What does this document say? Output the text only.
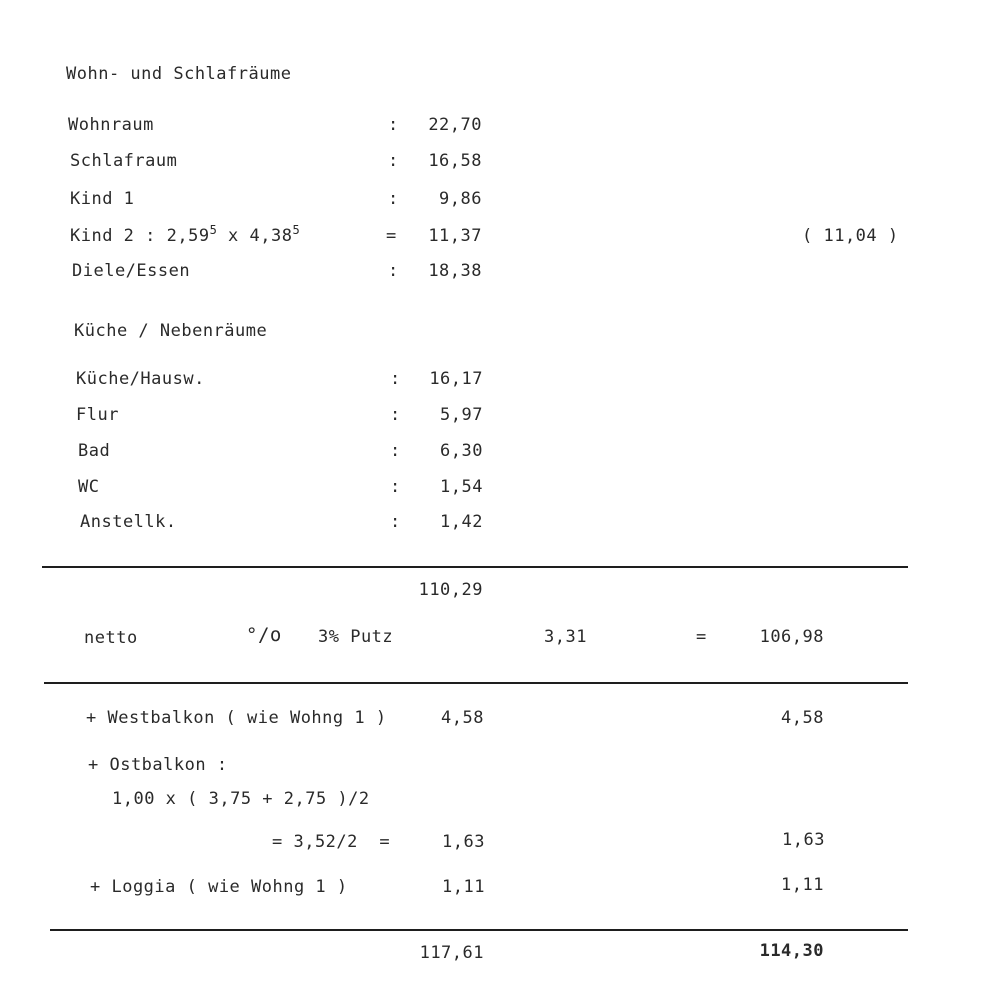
Wohn- und Schlafräume
Wohnraum	:	22,70
Schlafraum	:	16,58
Kind 1	:	9,86
Kind 2 : 2,59$^5$ x $4,38^5$	=	11,37	( 11,04 )
Diele/Essen	:	18,38
Küche / Nebenräume
Küche/Hausw.	:	16,17
Flur	:	5,97
Bad	:	6,30
WC	:	1,54
Anstellk.	:	1,42
110,29
netto	°/o 3% Putz	3,31	=	106,98
+ Westbalkon ( wie Wohng 1 )	4,58	4,58
+ Ostbalkon :
1,00 x ( 3,75 + 2,75 )/2
= 3,52/2  =	1,63	1,63
+ Loggia ( wie Wohng 1 )	1,11	1,11
117,61	114,30
